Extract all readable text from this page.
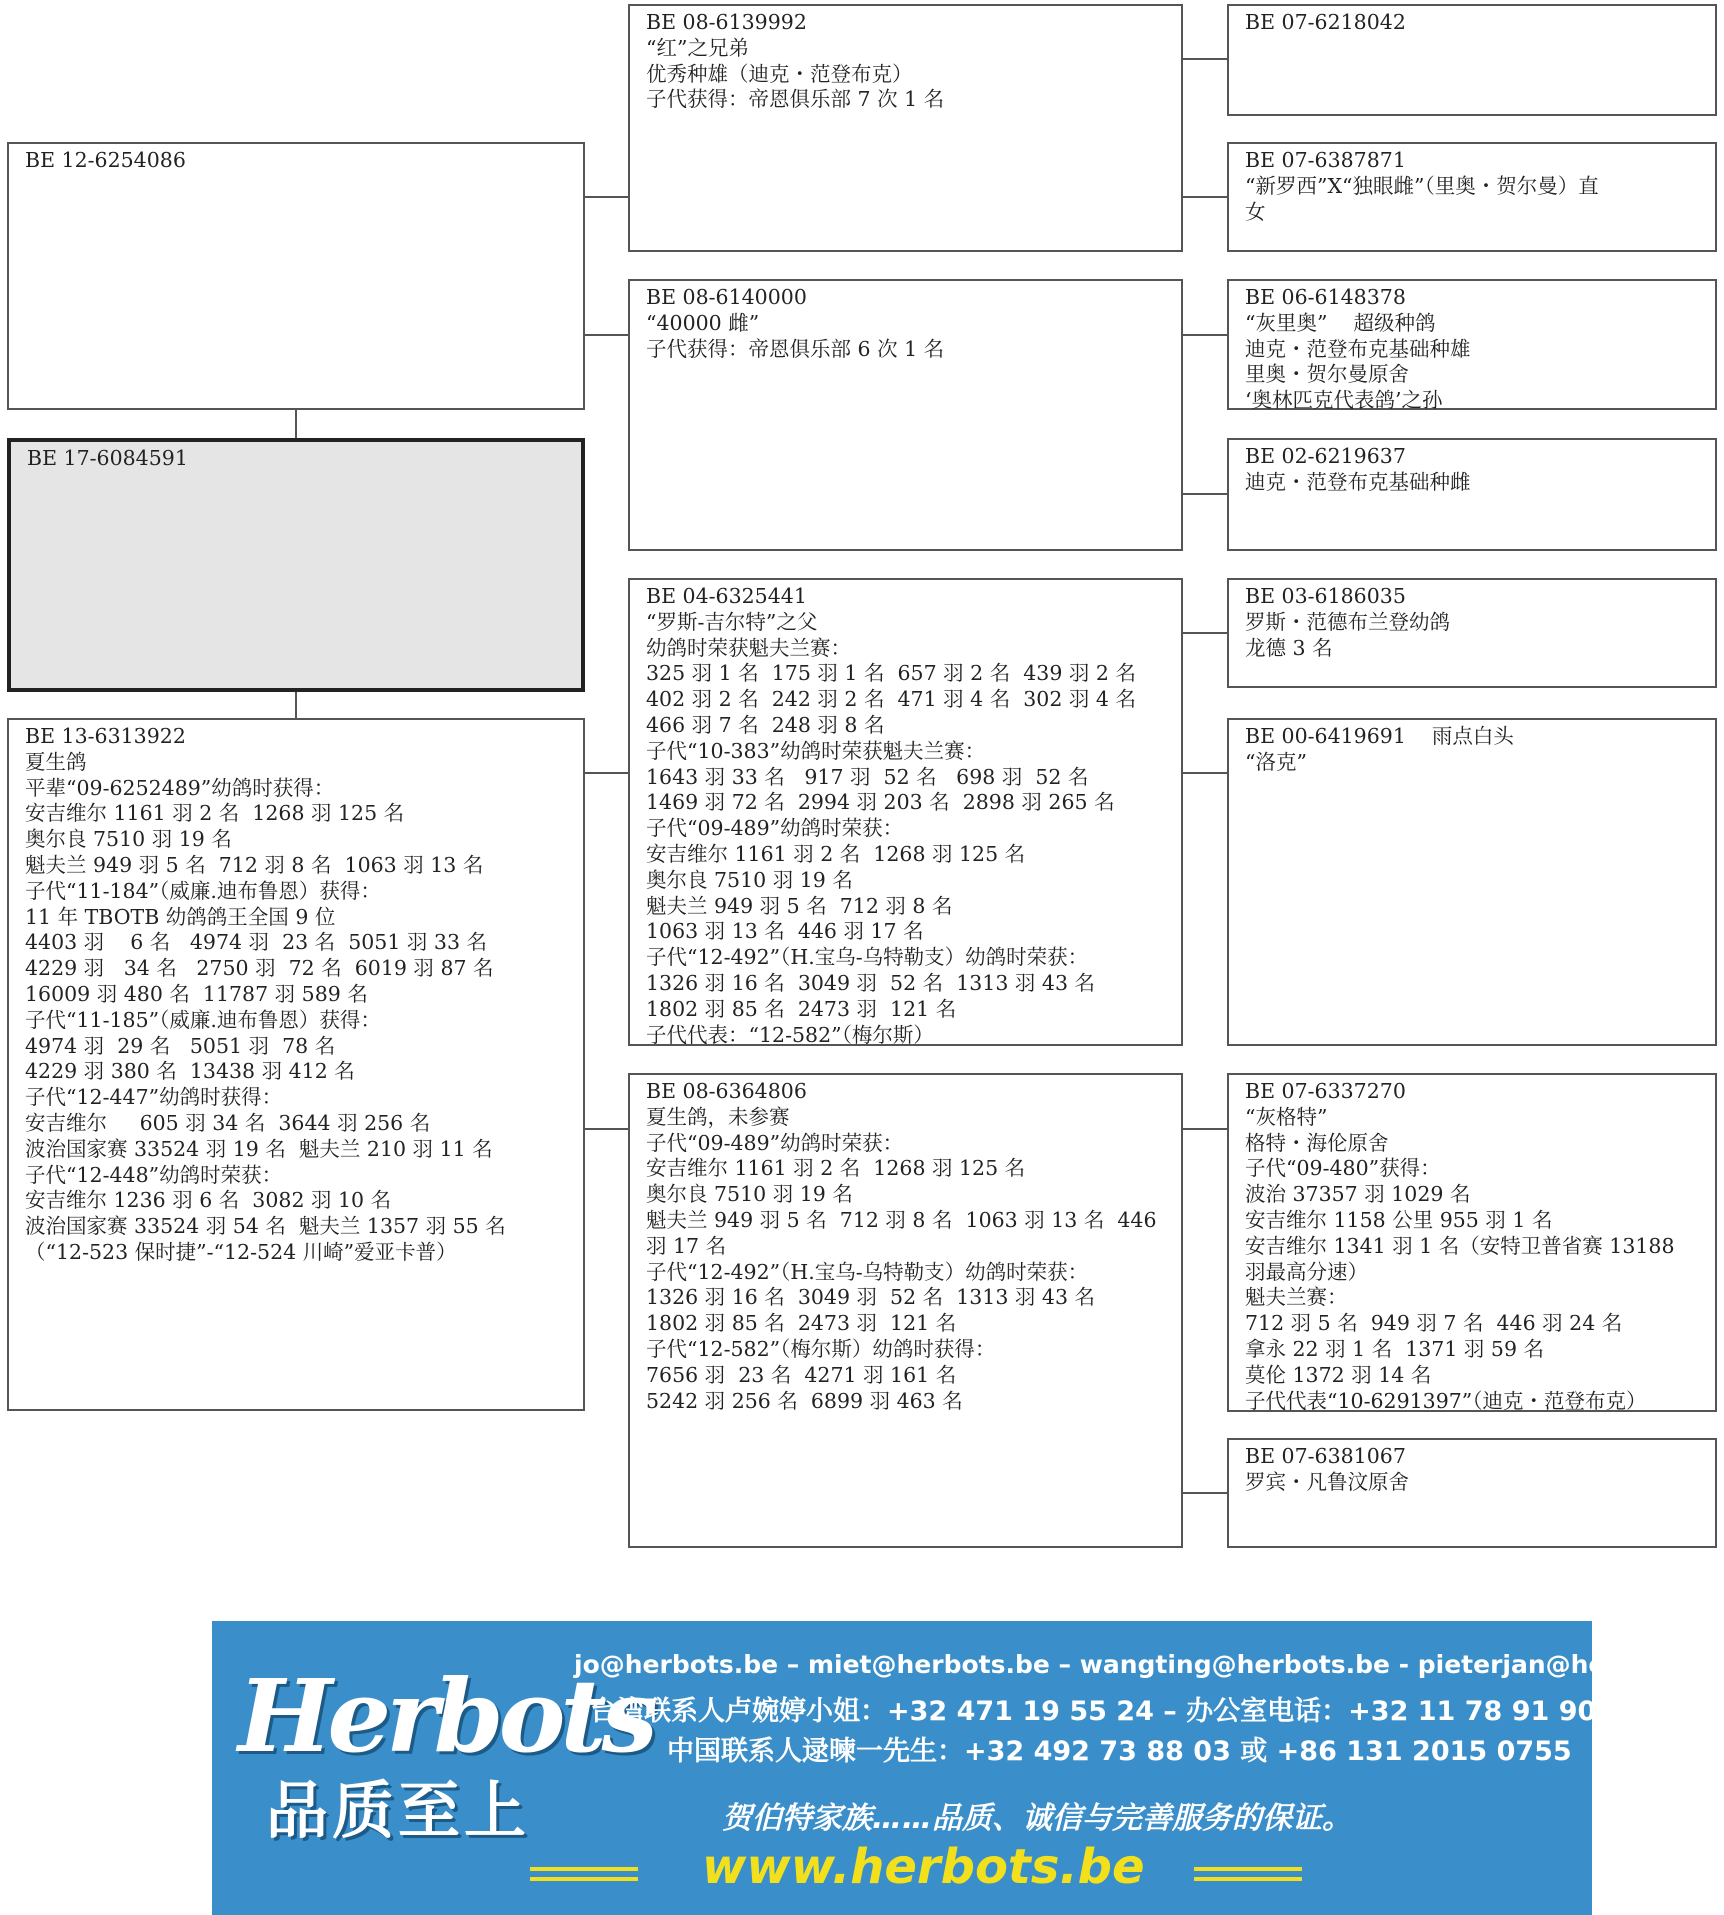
BE 08-6139992
“红”之兄弟
优秀种雄（迪克・范登布克）
子代获得：帝恩俱乐部 7 次 1 名
BE 12-6254086
BE 08-6140000
“40000 雌”
子代获得：帝恩俱乐部 6 次 1 名
BE 17-6084591
BE 13-6313922
夏生鸽
平辈“09-6252489”幼鸽时获得：
安吉维尔 1161 羽 2 名  1268 羽 125 名
奥尔良 7510 羽 19 名
魁夫兰 949 羽 5 名  712 羽 8 名  1063 羽 13 名
子代“11-184”（威廉.迪布鲁恩）获得：
11 年 TBOTB 幼鸽鸽王全国 9 位
4403 羽    6 名   4974 羽  23 名  5051 羽 33 名
4229 羽   34 名   2750 羽  72 名  6019 羽 87 名
16009 羽 480 名  11787 羽 589 名
子代“11-185”（威廉.迪布鲁恩）获得：
4974 羽  29 名   5051 羽  78 名
4229 羽 380 名  13438 羽 412 名
子代“12-447”幼鸽时获得：
安吉维尔     605 羽 34 名  3644 羽 256 名
波治国家赛 33524 羽 19 名  魁夫兰 210 羽 11 名
子代“12-448”幼鸽时荣获：
安吉维尔 1236 羽 6 名  3082 羽 10 名
波治国家赛 33524 羽 54 名  魁夫兰 1357 羽 55 名
（“12-523 保时捷”-“12-524 川崎”爱亚卡普）
BE 04-6325441
“罗斯-吉尔特”之父
幼鸽时荣获魁夫兰赛：
325 羽 1 名  175 羽 1 名  657 羽 2 名  439 羽 2 名
402 羽 2 名  242 羽 2 名  471 羽 4 名  302 羽 4 名
466 羽 7 名  248 羽 8 名
子代“10-383”幼鸽时荣获魁夫兰赛：
1643 羽 33 名   917 羽  52 名   698 羽  52 名
1469 羽 72 名  2994 羽 203 名  2898 羽 265 名
子代“09-489”幼鸽时荣获：
安吉维尔 1161 羽 2 名  1268 羽 125 名
奥尔良 7510 羽 19 名
魁夫兰 949 羽 5 名  712 羽 8 名
1063 羽 13 名  446 羽 17 名
子代“12-492”（H.宝乌-乌特勒支）幼鸽时荣获：
1326 羽 16 名  3049 羽  52 名  1313 羽 43 名
1802 羽 85 名  2473 羽  121 名
子代代表：“12-582”（梅尔斯）
BE 08-6364806
夏生鸽，未参赛
子代“09-489”幼鸽时荣获：
安吉维尔 1161 羽 2 名  1268 羽 125 名
奥尔良 7510 羽 19 名
魁夫兰 949 羽 5 名  712 羽 8 名  1063 羽 13 名  446
羽 17 名
子代“12-492”（H.宝乌-乌特勒支）幼鸽时荣获：
1326 羽 16 名  3049 羽  52 名  1313 羽 43 名
1802 羽 85 名  2473 羽  121 名
子代“12-582”（梅尔斯）幼鸽时获得：
7656 羽  23 名  4271 羽 161 名
5242 羽 256 名  6899 羽 463 名
BE 07-6218042
BE 07-6387871
“新罗西”X“独眼雌”（里奥・贺尔曼）直
女
BE 06-6148378
“灰里奥”    超级种鸽
迪克・范登布克基础种雄
里奥・贺尔曼原舍
‘奥林匹克代表鸽’之孙
BE 02-6219637
迪克・范登布克基础种雌
BE 03-6186035
罗斯・范德布兰登幼鸽
龙德 3 名
BE 00-6419691    雨点白头
“洛克”
BE 07-6337270
“灰格特”
格特・海伦原舍
子代“09-480”获得：
波治 37357 羽 1029 名
安吉维尔 1158 公里 955 羽 1 名
安吉维尔 1341 羽 1 名（安特卫普省赛 13188
羽最高分速）
魁夫兰赛：
712 羽 5 名  949 羽 7 名  446 羽 24 名
拿永 22 羽 1 名  1371 羽 59 名
莫伦 1372 羽 14 名
子代代表“10-6291397”（迪克・范登布克）
BE 07-6381067
罗宾・凡鲁汶原舍
Herbots
品质至上
jo@herbots.be – miet@herbots.be – wangting@herbots.be - pieterjan@herbots.be
台湾联系人卢婉婷小姐：+32 471 19 55 24 – 办公室电话：+32 11 78 91 90
中国联系人逯暕一先生：+32 492 73 88 03 或 +86 131 2015 0755
贺伯特家族……品质、诚信与完善服务的保证。
www.herbots.be
